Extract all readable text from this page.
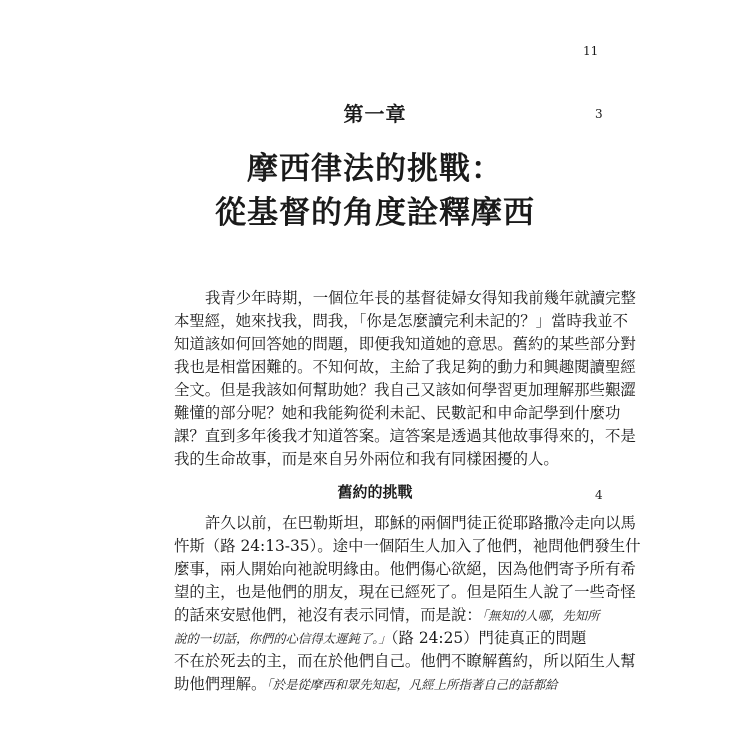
11
3
4
第一章
摩西律法的挑戰：
從基督的角度詮釋摩西
我青少年時期，一個位年長的基督徒婦女得知我前幾年就讀完整
本聖經，她來找我，問我，「你是怎麼讀完利未記的？」當時我並不
知道該如何回答她的問題，即便我知道她的意思。舊約的某些部分對
我也是相當困難的。不知何故，主給了我足夠的動力和興趣閱讀聖經
全文。但是我該如何幫助她？我自己又該如何學習更加理解那些艱澀
難懂的部分呢？她和我能夠從利未記、民數記和申命記學到什麼功
課？直到多年後我才知道答案。這答案是透過其他故事得來的，不是
我的生命故事，而是來自另外兩位和我有同樣困擾的人。
舊約的挑戰
許久以前，在巴勒斯坦，耶穌的兩個門徒正從耶路撒冷走向以馬
忤斯（路 24:13-35）。途中一個陌生人加入了他們，祂問他們發生什
麼事，兩人開始向祂說明緣由。他們傷心欲絕，因為他們寄予所有希
望的主，也是他們的朋友，現在已經死了。但是陌生人說了一些奇怪
的話來安慰他們，祂沒有表示同情，而是說：「無知的人哪，先知所
說的一切話，你們的心信得太遲鈍了。」（路 24:25）門徒真正的問題
不在於死去的主，而在於他們自己。他們不瞭解舊約，所以陌生人幫
助他們理解。「於是從摩西和眾先知起，凡經上所指著自己的話都給
